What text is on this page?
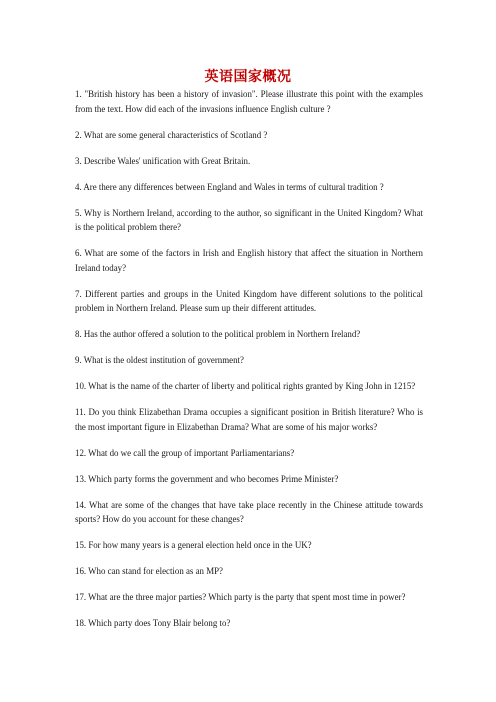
英语国家概况

1. "British history has been a history of invasion". Please illustrate this point with the examples from the text. How did each of the invasions influence English culture ?

2. What are some general characteristics of Scotland ?

3. Describe Wales' unification with Great Britain.

4. Are there any differences between England and Wales in terms of cultural tradition ?

5. Why is Northern Ireland, according to the author, so significant in the United Kingdom? What is the political problem there?

6. What are some of the factors in Irish and English history that affect the situation in Northern Ireland today?

7. Different parties and groups in the United Kingdom have different solutions to the political problem in Northern Ireland. Please sum up their different attitudes.

8. Has the author offered a solution to the political problem in Northern Ireland?

9. What is the oldest institution of government?

10. What is the name of the charter of liberty and political rights granted by King John in 1215?

11. Do you think Elizabethan Drama occupies a significant position in British literature? Who is the most important figure in Elizabethan Drama? What are some of his major works?

12. What do we call the group of important Parliamentarians?

13. Which party forms the government and who becomes Prime Minister?

14. What are some of the changes that have take place recently in the Chinese attitude towards sports? How do you account for these changes?

15. For how many years is a general election held once in the UK?

16. Who can stand for election as an MP?

17. What are the three major parties? Which party is the party that spent most time in power?

18. Which party does Tony Blair belong to?
